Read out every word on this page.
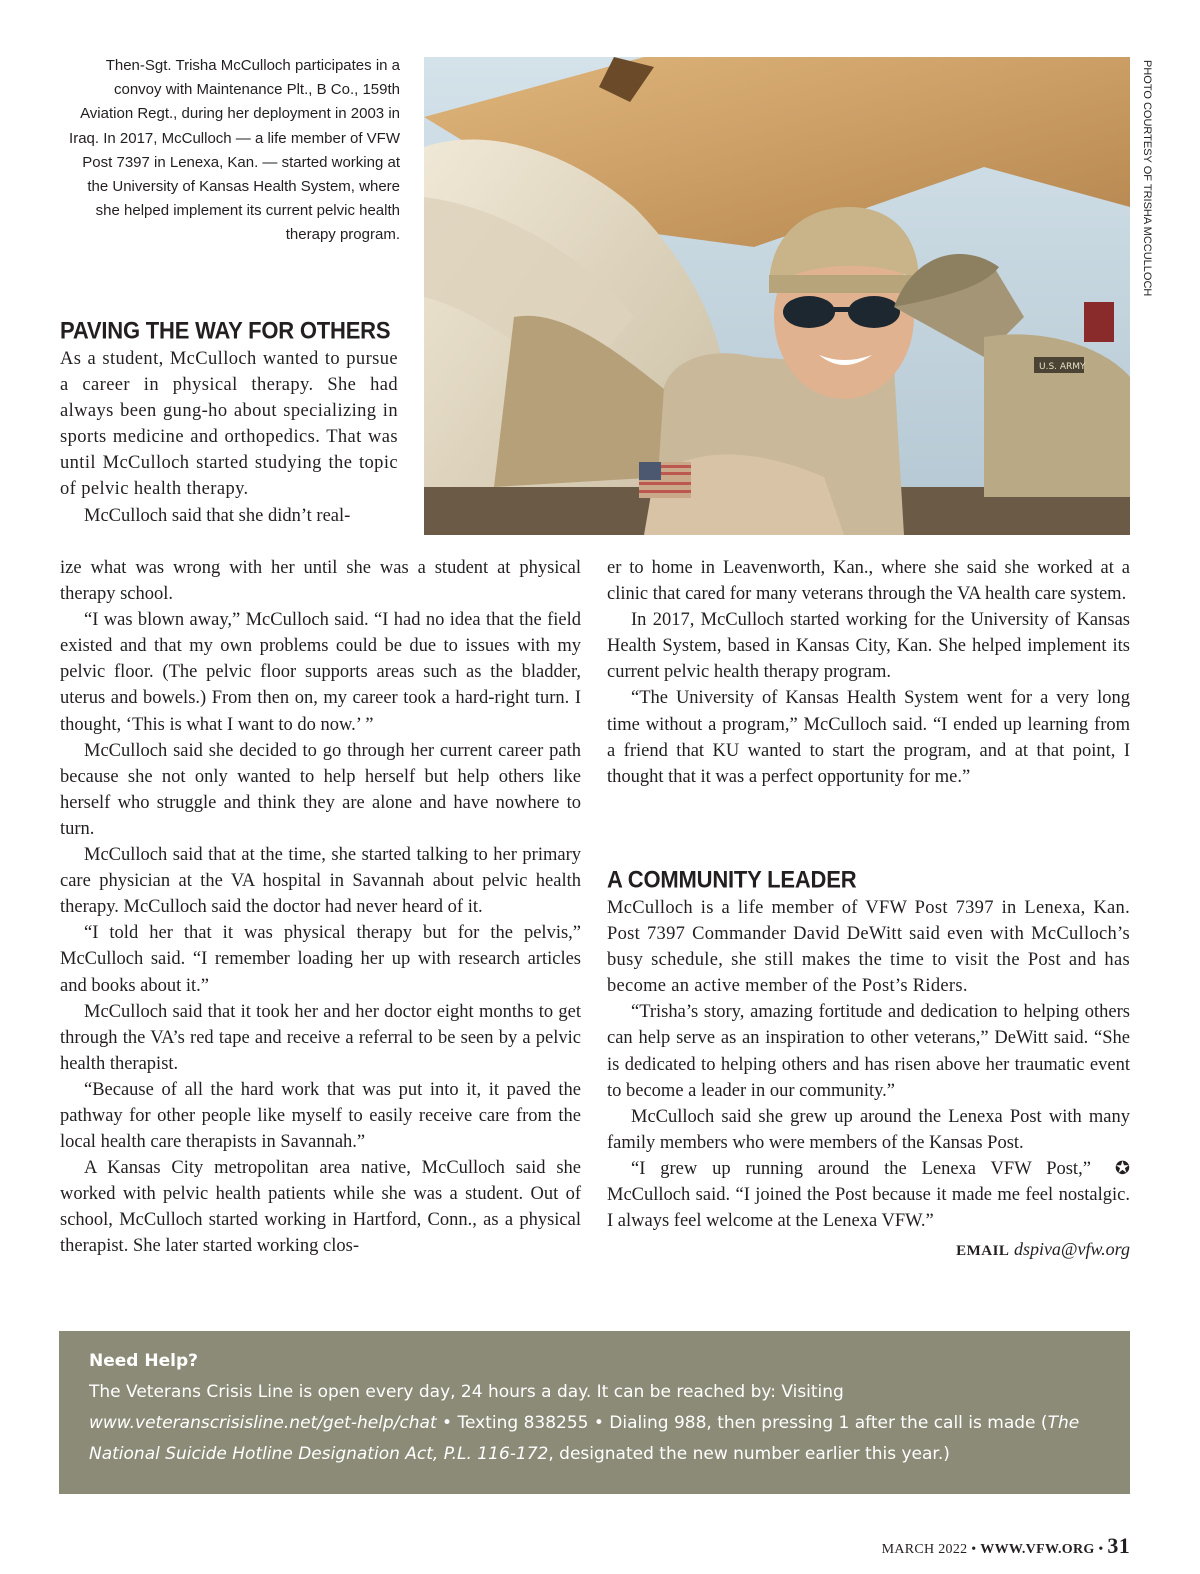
Then-Sgt. Trisha McCulloch participates in a convoy with Maintenance Plt., B Co., 159th Aviation Regt., during her deployment in 2003 in Iraq. In 2017, McCulloch — a life member of VFW Post 7397 in Lenexa, Kan. — started working at the University of Kansas Health System, where she helped implement its current pelvic health therapy program.

U.S. ARMY
PHOTO COURTESY OF TRISHA MCCULLOCH
PAVING THE WAY FOR OTHERS

As a student, McCulloch wanted to pursue a career in physical therapy. She had always been gung-ho about specializing in sports medicine and orthopedics. That was until McCulloch started studying the topic of pelvic health therapy.

McCulloch said that she didn’t real-

ize what was wrong with her until she was a student at physical therapy school.

“I was blown away,” McCulloch said. “I had no idea that the field existed and that my own problems could be due to issues with my pelvic floor. (The pelvic floor supports areas such as the bladder, uterus and bowels.) From then on, my career took a hard-right turn. I thought, ‘This is what I want to do now.’ ”

McCulloch said she decided to go through her current career path because she not only wanted to help herself but help others like herself who struggle and think they are alone and have nowhere to turn.

McCulloch said that at the time, she started talking to her primary care physician at the VA hospital in Savannah about pelvic health therapy. McCulloch said the doctor had never heard of it.

“I told her that it was physical therapy but for the pelvis,” McCulloch said. “I remember loading her up with research articles and books about it.”

McCulloch said that it took her and her doctor eight months to get through the VA’s red tape and receive a referral to be seen by a pelvic health therapist.

“Because of all the hard work that was put into it, it paved the pathway for other people like myself to easily receive care from the local health care therapists in Savannah.”

A Kansas City metropolitan area native, McCulloch said she worked with pelvic health patients while she was a student. Out of school, McCulloch started working in Hartford, Conn., as a physical therapist. She later started working clos-

er to home in Leavenworth, Kan., where she said she worked at a clinic that cared for many veterans through the VA health care system.

In 2017, McCulloch started working for the University of Kansas Health System, based in Kansas City, Kan. She helped implement its current pelvic health therapy program.

“The University of Kansas Health System went for a very long time without a program,” McCulloch said. “I ended up learning from a friend that KU wanted to start the program, and at that point, I thought that it was a perfect opportunity for me.”

A COMMUNITY LEADER

McCulloch is a life member of VFW Post 7397 in Lenexa, Kan. Post 7397 Commander David DeWitt said even with McCulloch’s busy schedule, she still makes the time to visit the Post and has become an active member of the Post’s Riders.

“Trisha’s story, amazing fortitude and dedication to helping others can help serve as an inspiration to other veterans,” DeWitt said. “She is dedicated to helping others and has risen above her traumatic event to become a leader in our community.”

McCulloch said she grew up around the Lenexa Post with many family members who were members of the Kansas Post.

✪
“I grew up running around the Lenexa VFW Post,” McCulloch said. “I joined the Post because it made me feel nostalgic. I always feel welcome at the Lenexa VFW.”

EMAIL dspiva@vfw.org
Need Help?
The Veterans Crisis Line is open every day, 24 hours a day. It can be reached by: Visiting www.veteranscrisisline.net/get-help/chat • Texting 838255 • Dialing 988, then pressing 1 after the call is made (The National Suicide Hotline Designation Act, P.L. 116-172, designated the new number earlier this year.)
MARCH 2022 • WWW.VFW.ORG • 31
